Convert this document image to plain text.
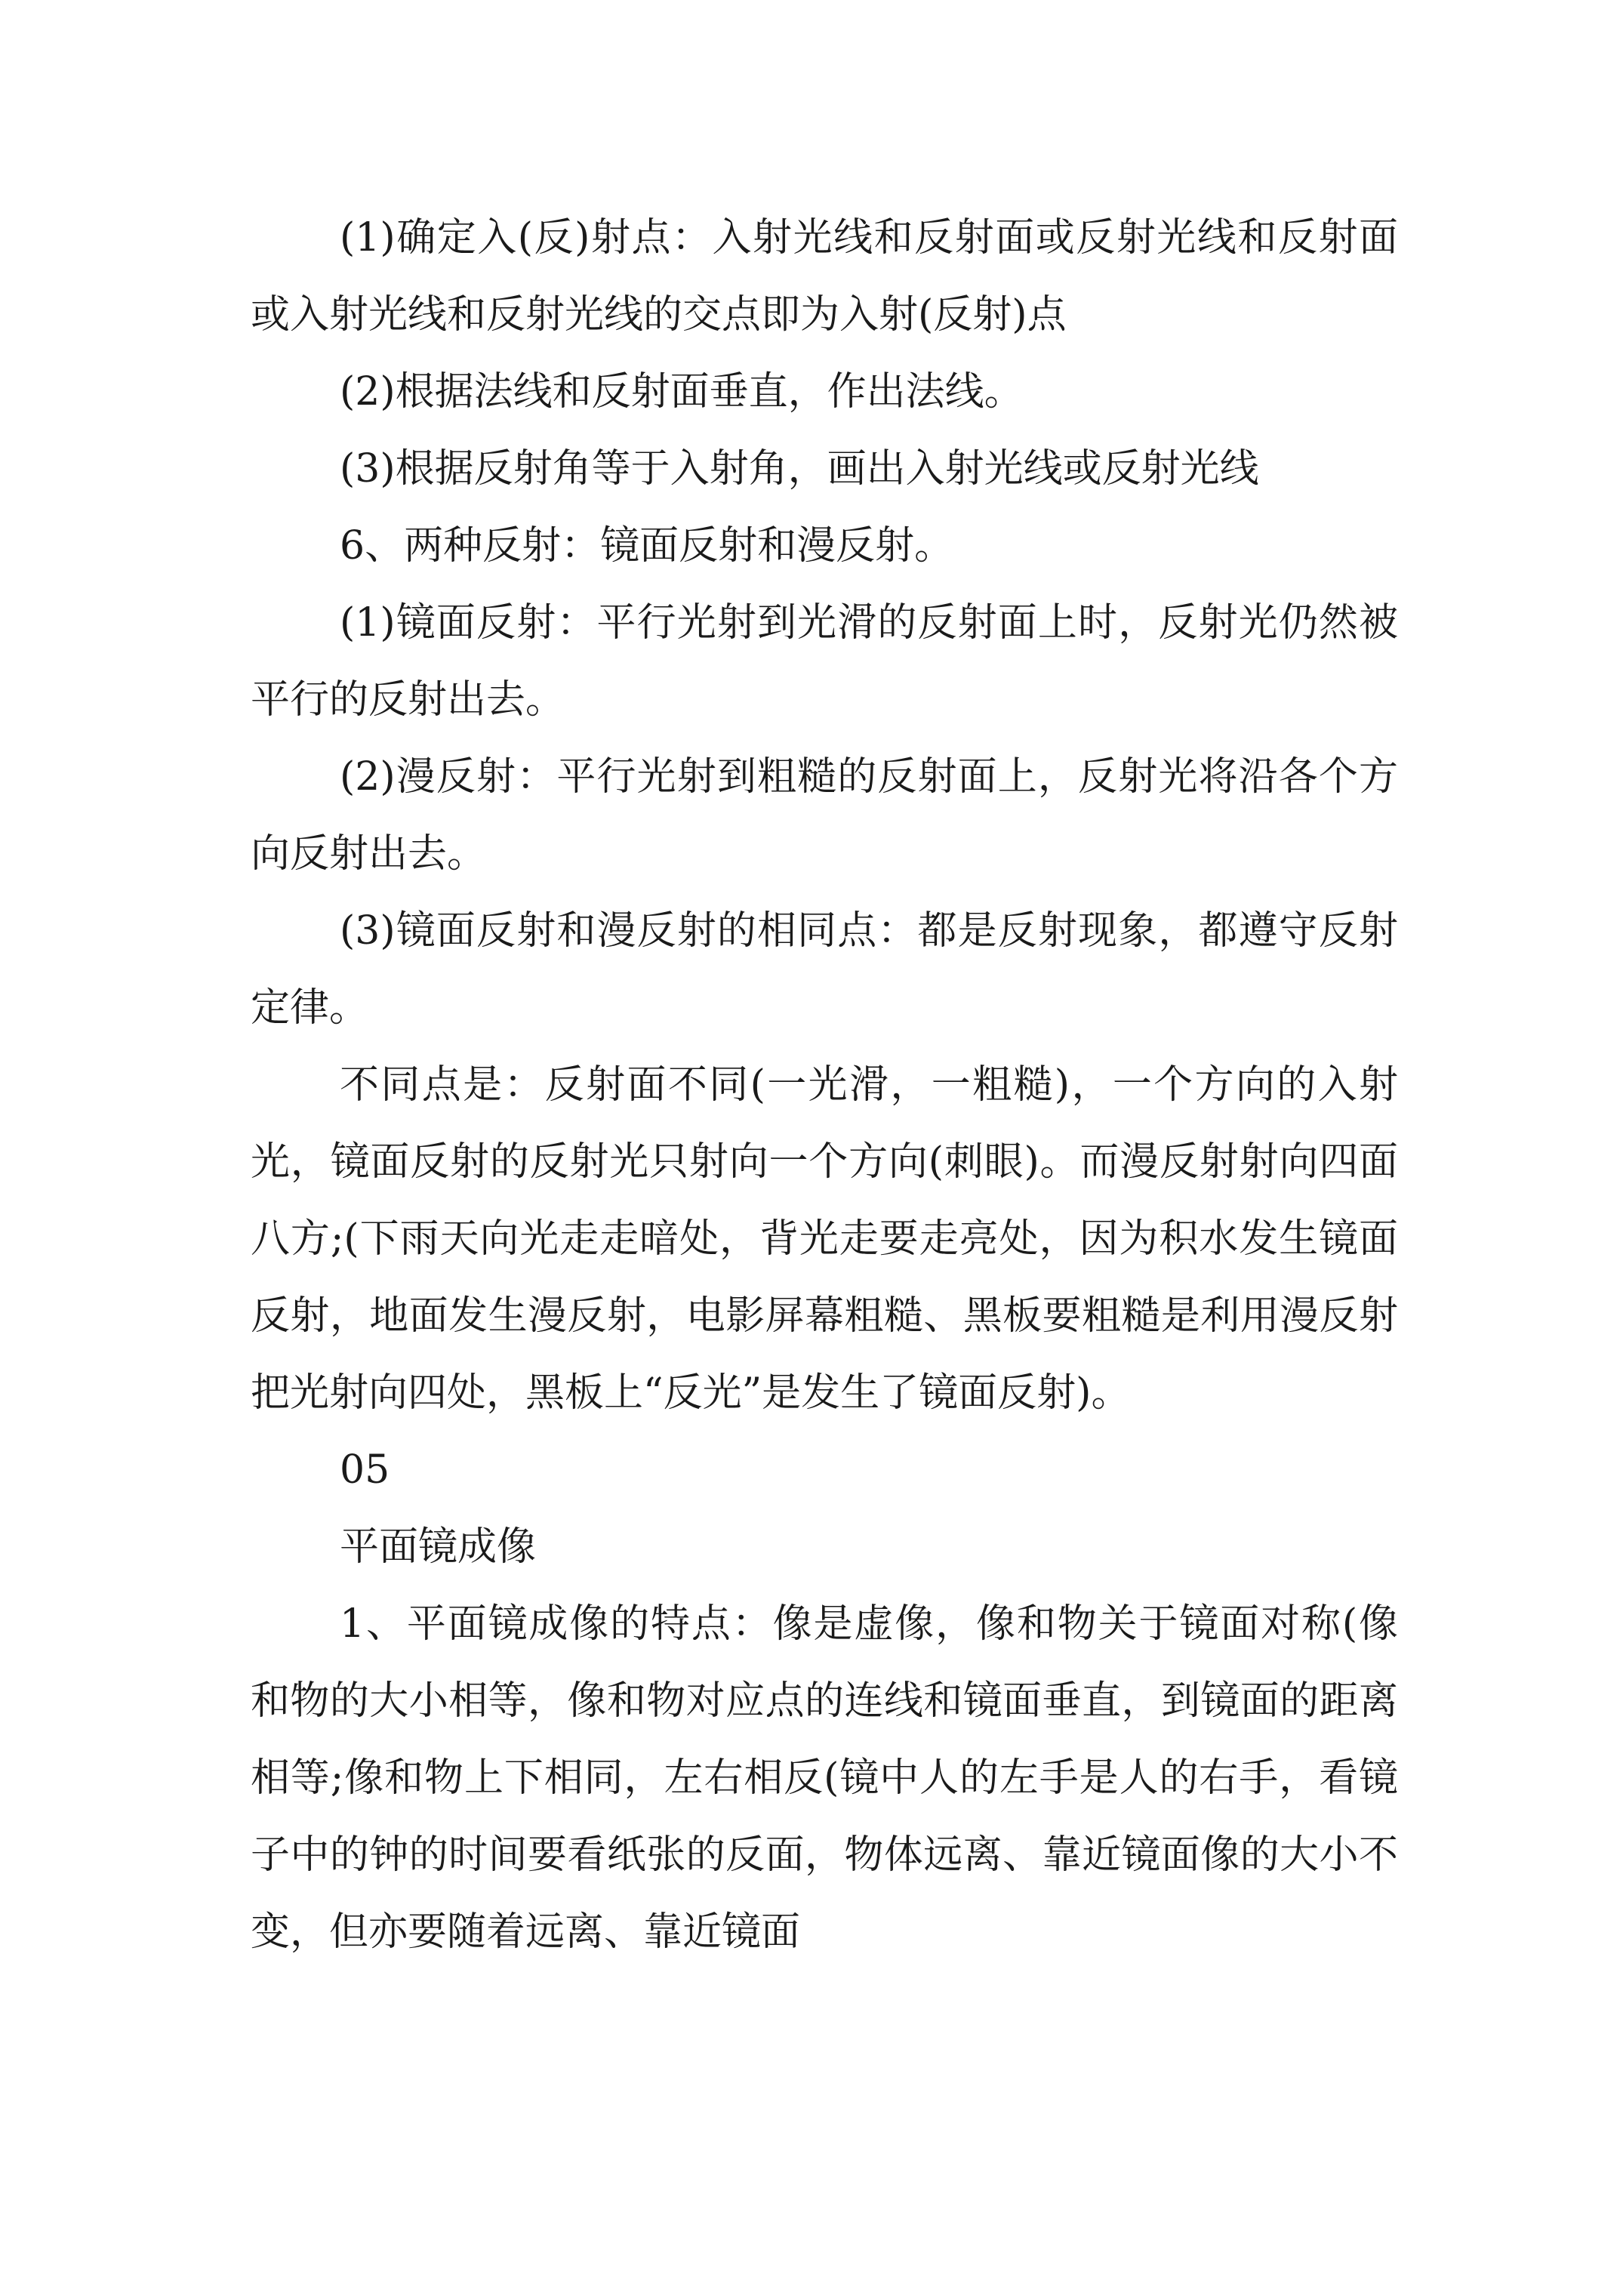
(1)确定入(反)射点：入射光线和反射面或反射光线和反射面或入射光线和反射光线的交点即为入射(反射)点

(2)根据法线和反射面垂直，作出法线。

(3)根据反射角等于入射角，画出入射光线或反射光线

6、两种反射：镜面反射和漫反射。

(1)镜面反射：平行光射到光滑的反射面上时，反射光仍然被平行的反射出去。

(2)漫反射：平行光射到粗糙的反射面上，反射光将沿各个方向反射出去。

(3)镜面反射和漫反射的相同点：都是反射现象，都遵守反射定律。

不同点是：反射面不同(一光滑，一粗糙)，一个方向的入射光，镜面反射的反射光只射向一个方向(刺眼)。而漫反射射向四面八方;(下雨天向光走走暗处，背光走要走亮处，因为积水发生镜面反射，地面发生漫反射，电影屏幕粗糙、黑板要粗糙是利用漫反射把光射向四处，黑板上“反光”是发生了镜面反射)。

05

平面镜成像

1、平面镜成像的特点：像是虚像，像和物关于镜面对称(像和物的大小相等，像和物对应点的连线和镜面垂直，到镜面的距离相等;像和物上下相同，左右相反(镜中人的左手是人的右手，看镜子中的钟的时间要看纸张的反面，物体远离、靠近镜面像的大小不变，但亦要随着远离、靠近镜面
